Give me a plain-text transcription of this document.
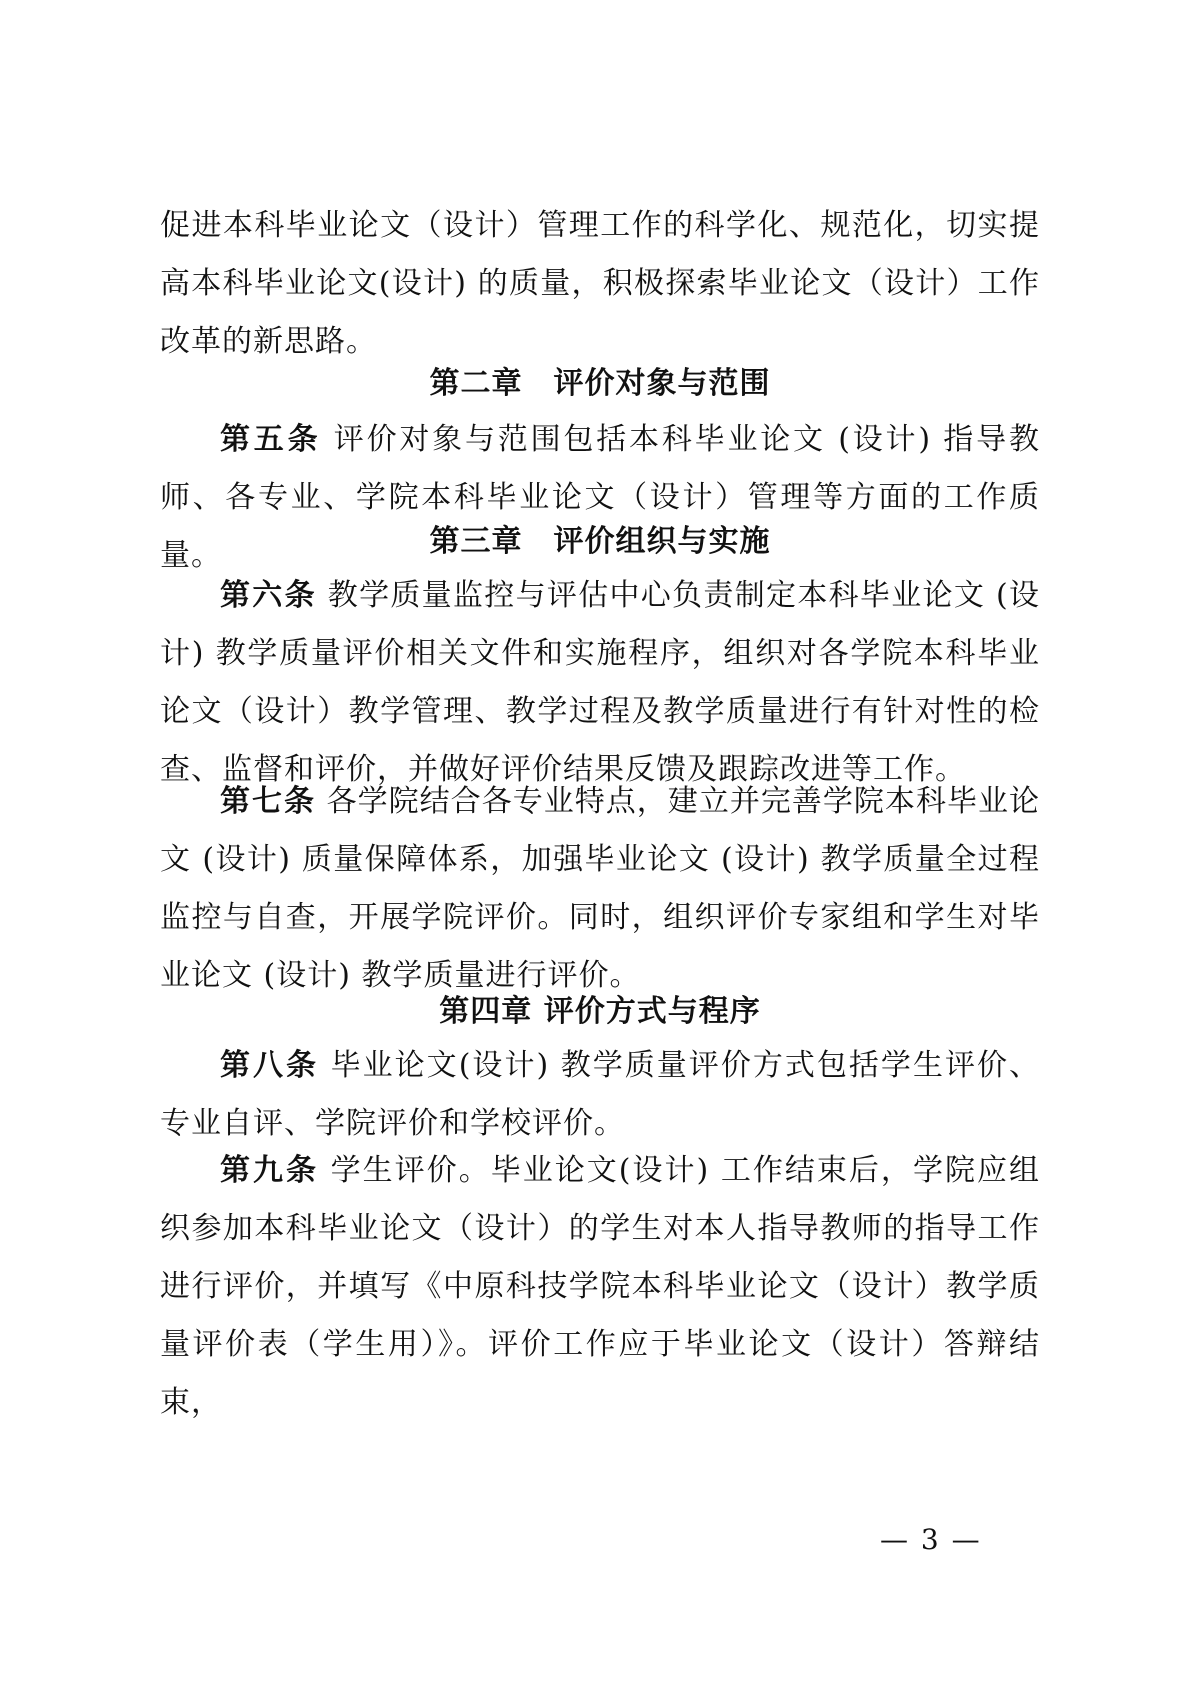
促进本科毕业论文（设计）管理工作的科学化、规范化，切实提高本科毕业论文(设计) 的质量，积极探索毕业论文（设计）工作改革的新思路。

第二章　评价对象与范围

第五条 评价对象与范围包括本科毕业论文 (设计) 指导教师、各专业、学院本科毕业论文（设计）管理等方面的工作质量。	第三章　评价组织与实施

第六条 教学质量监控与评估中心负责制定本科毕业论文 (设计) 教学质量评价相关文件和实施程序，组织对各学院本科毕业论文（设计）教学管理、教学过程及教学质量进行有针对性的检查、监督和评价，并做好评价结果反馈及跟踪改进等工作。

第七条 各学院结合各专业特点，建立并完善学院本科毕业论文 (设计) 质量保障体系，加强毕业论文 (设计) 教学质量全过程监控与自查，开展学院评价。同时，组织评价专家组和学生对毕业论文 (设计) 教学质量进行评价。

第四章 评价方式与程序

第八条 毕业论文(设计) 教学质量评价方式包括学生评价、专业自评、学院评价和学校评价。

第九条 学生评价。毕业论文(设计) 工作结束后，学院应组织参加本科毕业论文（设计）的学生对本人指导教师的指导工作进行评价，并填写《中原科技学院本科毕业论文（设计）教学质量评价表（学生用）》。评价工作应于毕业论文（设计）答辩结束，

— 3 —
